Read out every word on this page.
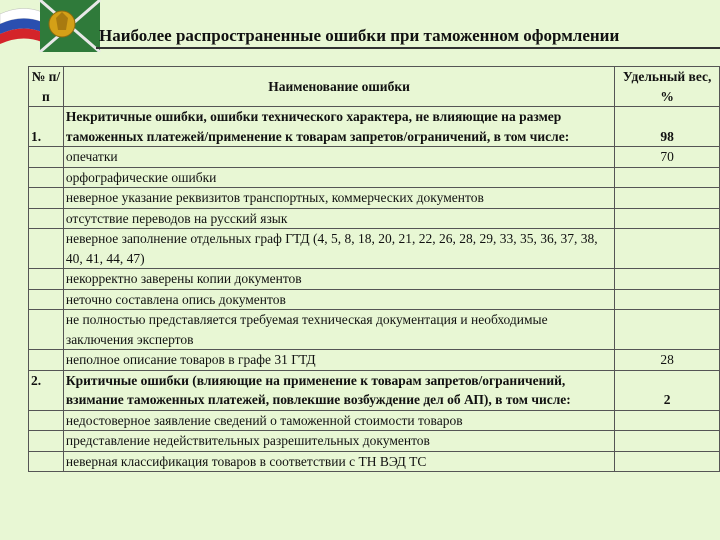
Наиболее распространенные ошибки при таможенном оформлении
№ п/п	Наименование ошибки	Удельный вес, %
1.	Некритичные ошибки, ошибки технического характера, не влияющие на размер таможенных платежей/применение к товарам запретов/ограничений, в том числе:	98
	опечатки	70
	орфографические ошибки	
	неверное указание реквизитов транспортных, коммерческих документов	
	отсутствие переводов на русский язык	
	неверное заполнение отдельных граф ГТД (4, 5, 8, 18, 20, 21, 22, 26, 28, 29, 33, 35, 36, 37, 38, 40, 41, 44, 47)	
	некорректно заверены копии документов	
	неточно составлена опись документов	
	не полностью представляется требуемая техническая документация и необходимые заключения экспертов	
	неполное описание товаров в графе 31 ГТД	28
2.	Критичные ошибки (влияющие на применение к товарам запретов/ограничений, взимание таможенных платежей, повлекшие возбуждение дел об АП), в том числе:	2
	недостоверное заявление сведений о таможенной стоимости товаров	
	представление недействительных разрешительных документов	
	неверная классификация товаров в соответствии с ТН ВЭД ТС	
